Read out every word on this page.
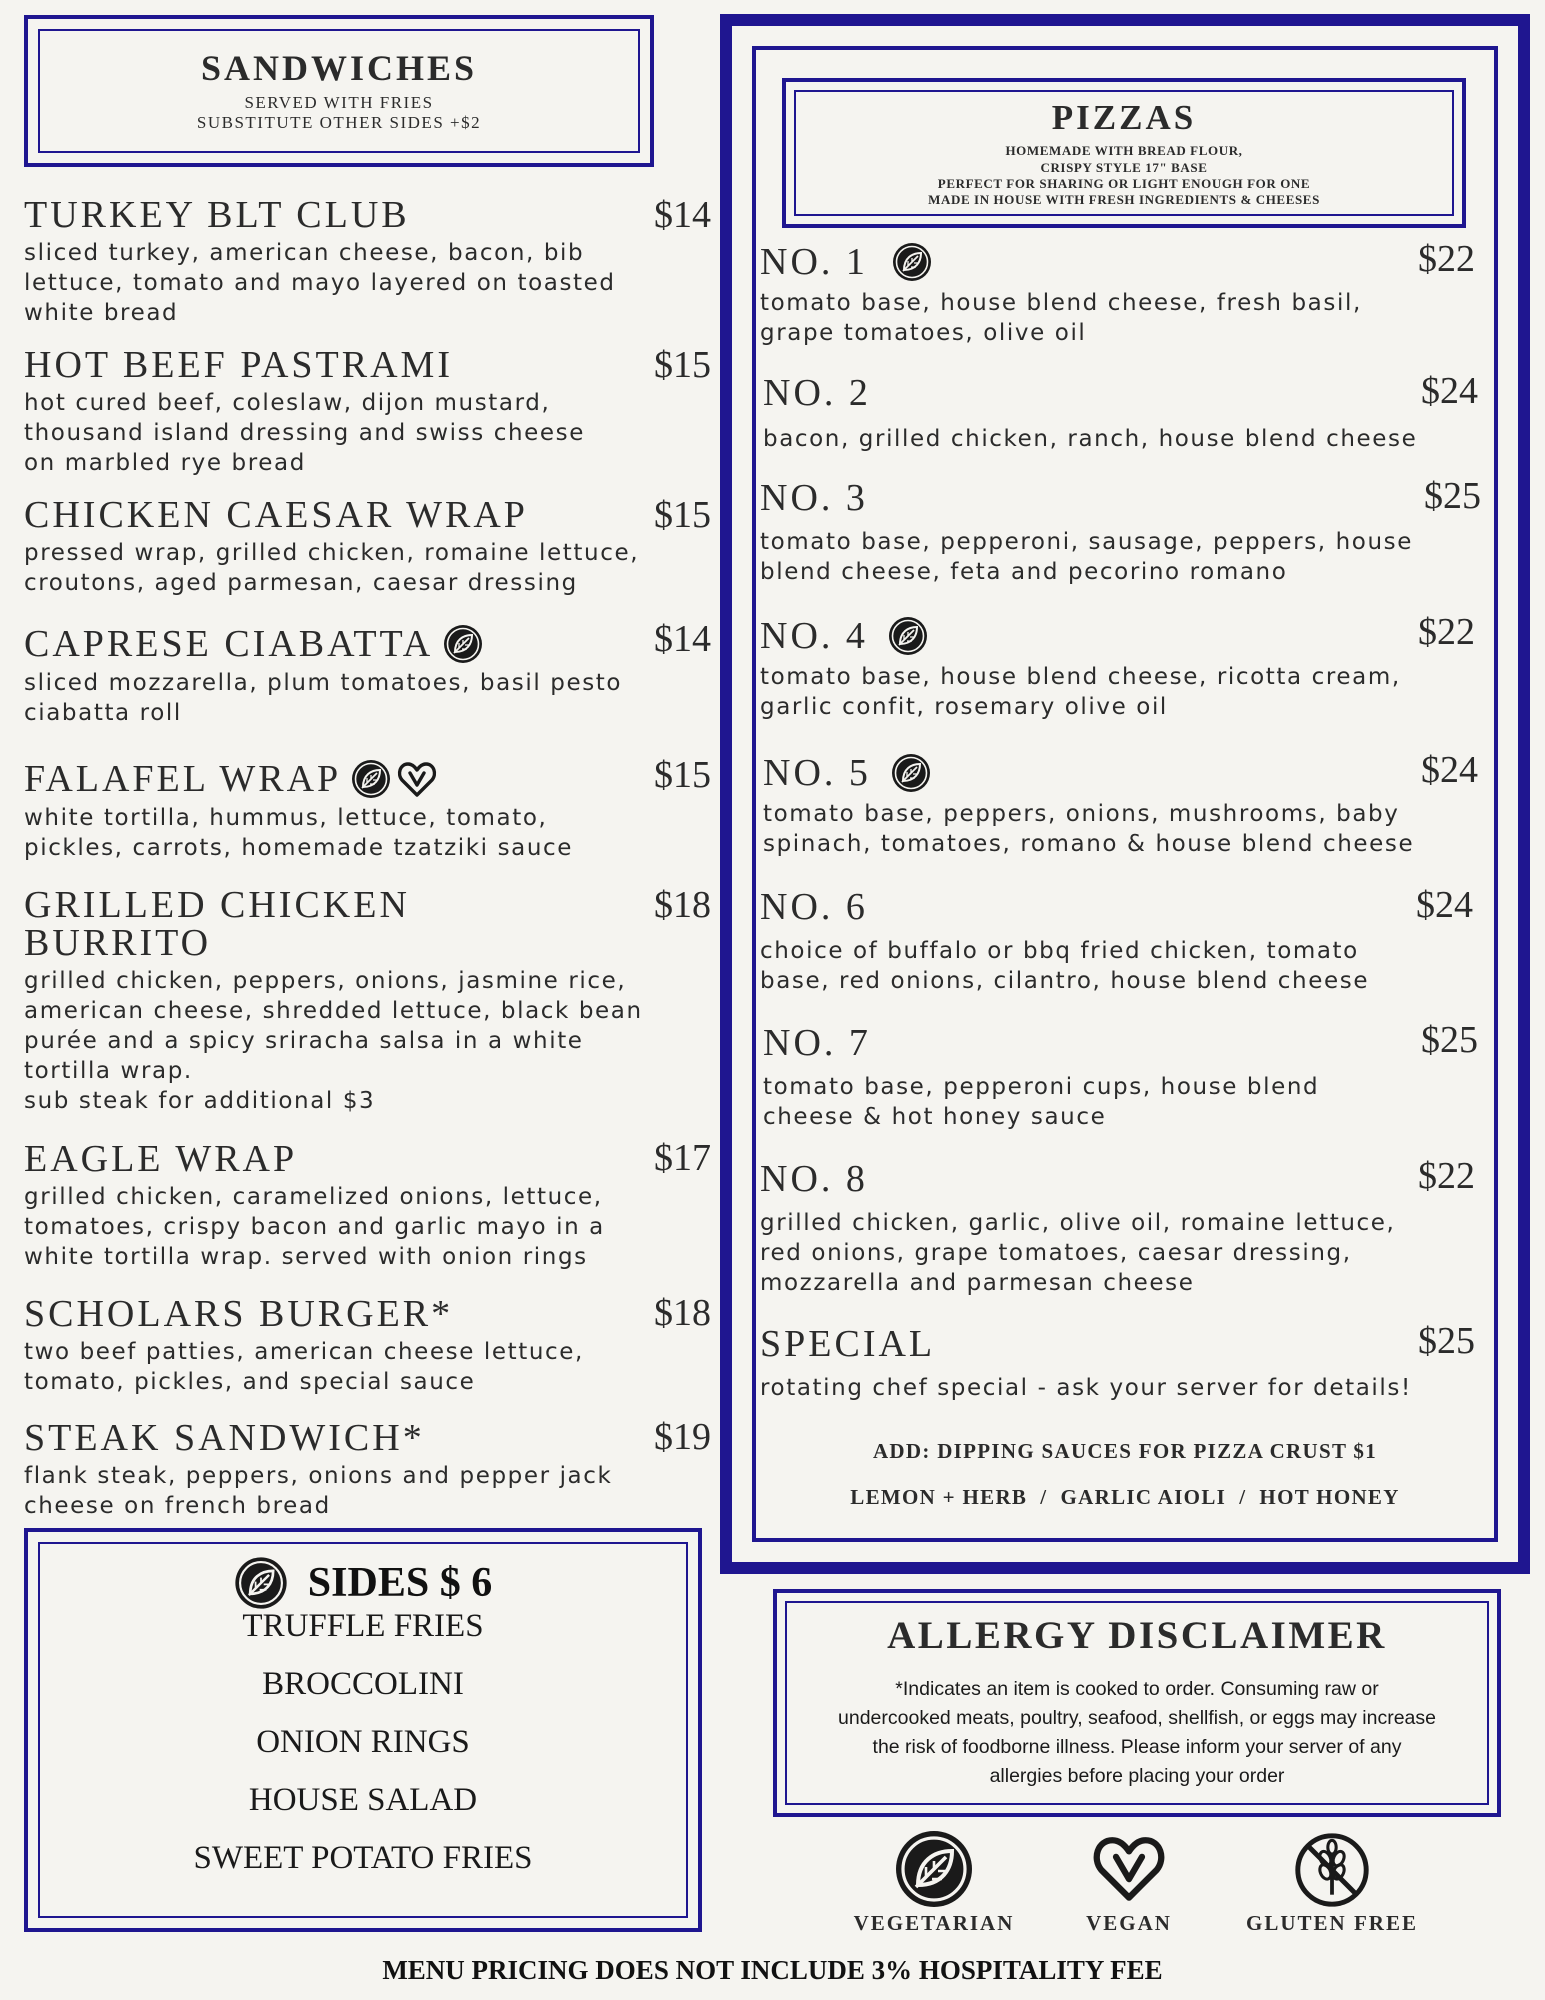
SANDWICHES
SERVED WITH FRIES
SUBSTITUTE OTHER SIDES +$2
TURKEY BLT CLUB
sliced turkey, american cheese, bacon, bib
lettuce, tomato and mayo layered on toasted
white bread
HOT BEEF PASTRAMI
hot cured beef, coleslaw, dijon mustard,
thousand island dressing and swiss cheese
on marbled rye bread
CHICKEN CAESAR WRAP
pressed wrap, grilled chicken, romaine lettuce,
croutons, aged parmesan, caesar dressing
CAPRESE CIABATTA
sliced mozzarella, plum tomatoes, basil pesto
ciabatta roll
FALAFEL WRAP
white tortilla, hummus, lettuce, tomato,
pickles, carrots, homemade tzatziki sauce
GRILLED CHICKEN
BURRITO
grilled chicken, peppers, onions, jasmine rice,
american cheese, shredded lettuce, black bean
purée and a spicy sriracha salsa in a white
tortilla wrap.
sub steak for additional $3
EAGLE WRAP
grilled chicken, caramelized onions, lettuce,
tomatoes, crispy bacon and garlic mayo in a
white tortilla wrap. served with onion rings
SCHOLARS BURGER*
two beef patties, american cheese lettuce,
tomato, pickles, and special sauce
STEAK SANDWICH*
flank steak, peppers, onions and pepper jack
cheese on french bread
$14
$15
$15
$14
$15
$18
$17
$18
$19
SIDES $ 6
TRUFFLE FRIES
BROCCOLINI
ONION RINGS
HOUSE SALAD
SWEET POTATO FRIES
PIZZAS
HOMEMADE WITH BREAD FLOUR,
CRISPY STYLE 17" BASE
PERFECT FOR SHARING OR LIGHT ENOUGH FOR ONE
MADE IN HOUSE WITH FRESH INGREDIENTS & CHEESES
NO. 1
tomato base, house blend cheese, fresh basil,
grape tomatoes, olive oil
NO. 2
bacon, grilled chicken, ranch, house blend cheese
NO. 3
tomato base, pepperoni, sausage, peppers, house
blend cheese, feta and pecorino romano
NO. 4
tomato base, house blend cheese, ricotta cream,
garlic confit, rosemary olive oil
NO. 5
tomato base, peppers, onions, mushrooms, baby
spinach, tomatoes, romano & house blend cheese
NO. 6
choice of buffalo or bbq fried chicken, tomato
base, red onions, cilantro, house blend cheese
NO. 7
tomato base, pepperoni cups, house blend
cheese & hot honey sauce
NO. 8
grilled chicken, garlic, olive oil, romaine lettuce,
red onions, grape tomatoes, caesar dressing,
mozzarella and parmesan cheese
SPECIAL
rotating chef special - ask your server for details!
$22
$24
$25
$22
$24
$24
$25
$22
$25
ADD: DIPPING SAUCES FOR PIZZA CRUST $1
LEMON + HERB  /  GARLIC AIOLI  /  HOT HONEY
ALLERGY DISCLAIMER
*Indicates an item is cooked to order. Consuming raw or
undercooked meats, poultry, seafood, shellfish, or eggs may increase
the risk of foodborne illness. Please inform your server of any
allergies before placing your order
VEGETARIAN	VEGAN	GLUTEN FREE
MENU PRICING DOES NOT INCLUDE 3% HOSPITALITY FEE
